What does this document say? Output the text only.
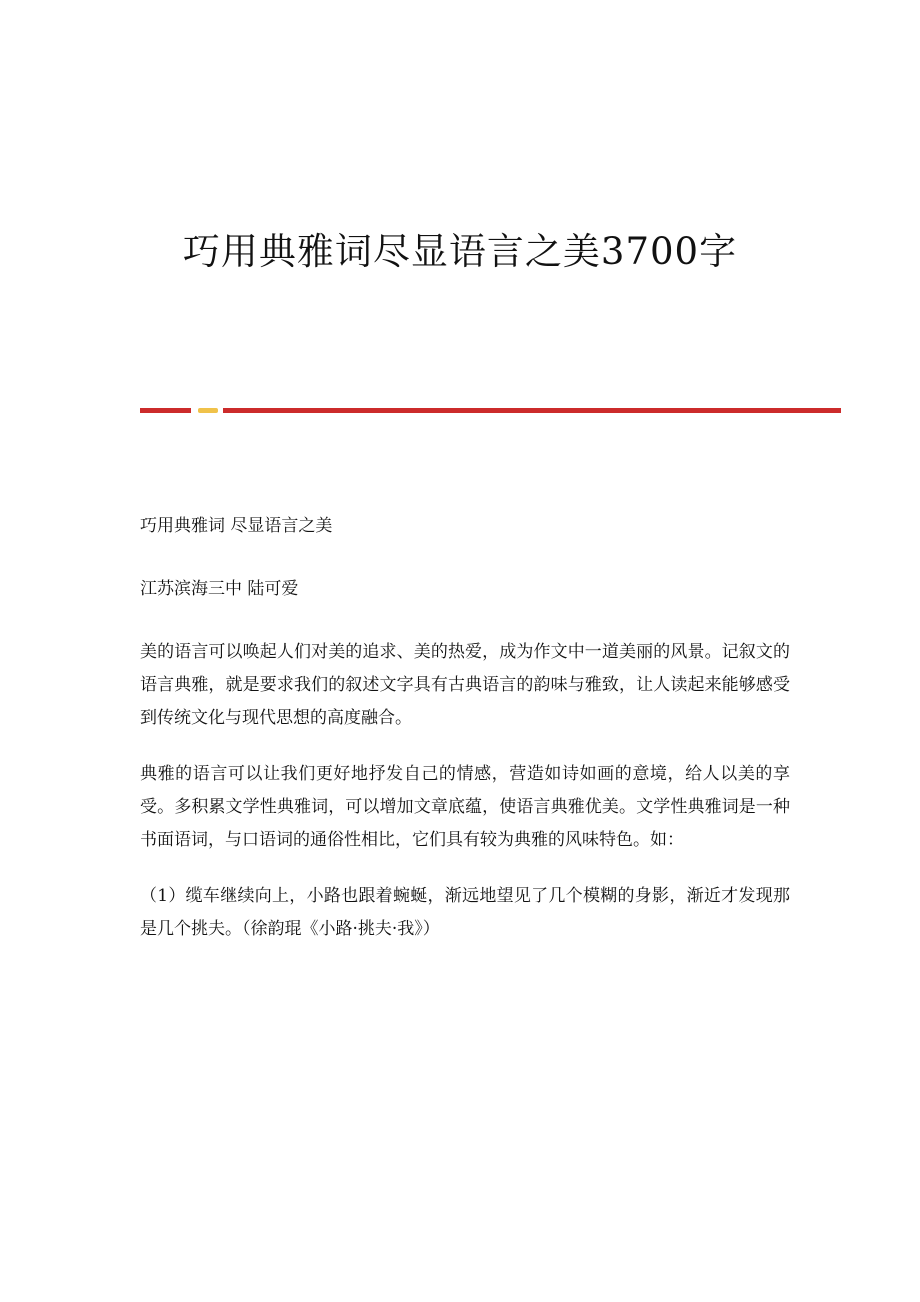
巧用典雅词尽显语言之美3700字

巧用典雅词 尽显语言之美

江苏滨海三中 陆可爱

美的语言可以唤起人们对美的追求、美的热爱，成为作文中一道美丽的风景。记叙文的语言典雅，就是要求我们的叙述文字具有古典语言的韵味与雅致，让人读起来能够感受到传统文化与现代思想的高度融合。

典雅的语言可以让我们更好地抒发自己的情感，营造如诗如画的意境，给人以美的享受。多积累文学性典雅词，可以增加文章底蕴，使语言典雅优美。文学性典雅词是一种书面语词，与口语词的通俗性相比，它们具有较为典雅的风味特色。如：

（1）缆车继续向上，小路也跟着蜿蜒，渐远地望见了几个模糊的身影，渐近才发现那是几个挑夫。（徐韵琨《小路·挑夫·我》）
